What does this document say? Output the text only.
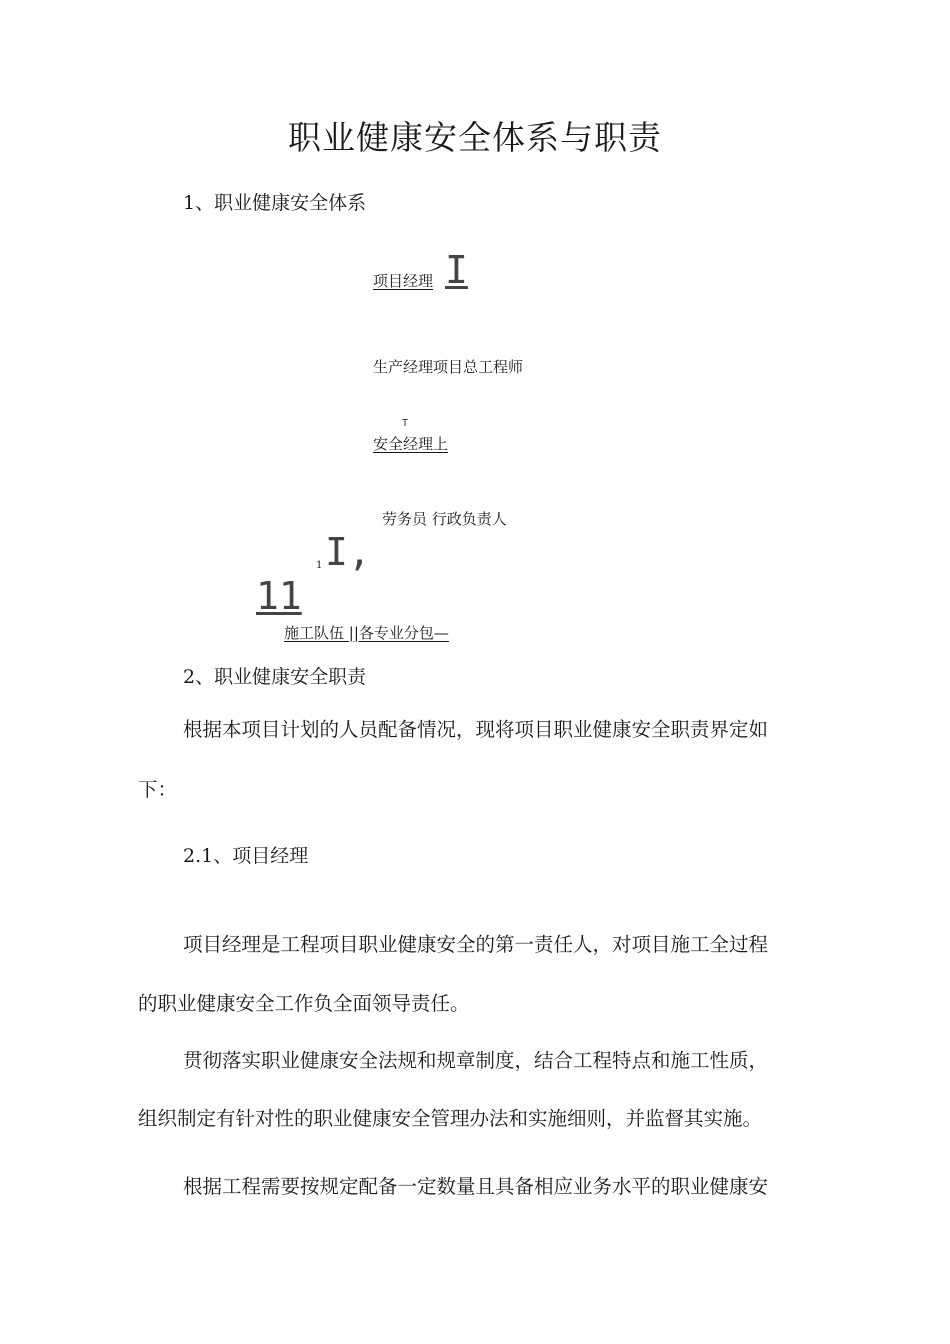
职业健康安全体系与职责
1、职业健康安全体系
项目经理 I
生产经理项目总工程师
T
安全经理上
劳务员 行政负责人
1 I,
11
施工队伍 ||各专业分包—
2、职业健康安全职责
根据本项目计划的人员配备情况，现将项目职业健康安全职责界定如
下：
2.1、项目经理
项目经理是工程项目职业健康安全的第一责任人，对项目施工全过程
的职业健康安全工作负全面领导责任。
贯彻落实职业健康安全法规和规章制度，结合工程特点和施工性质，
组织制定有针对性的职业健康安全管理办法和实施细则，并监督其实施。
根据工程需要按规定配备一定数量且具备相应业务水平的职业健康安
